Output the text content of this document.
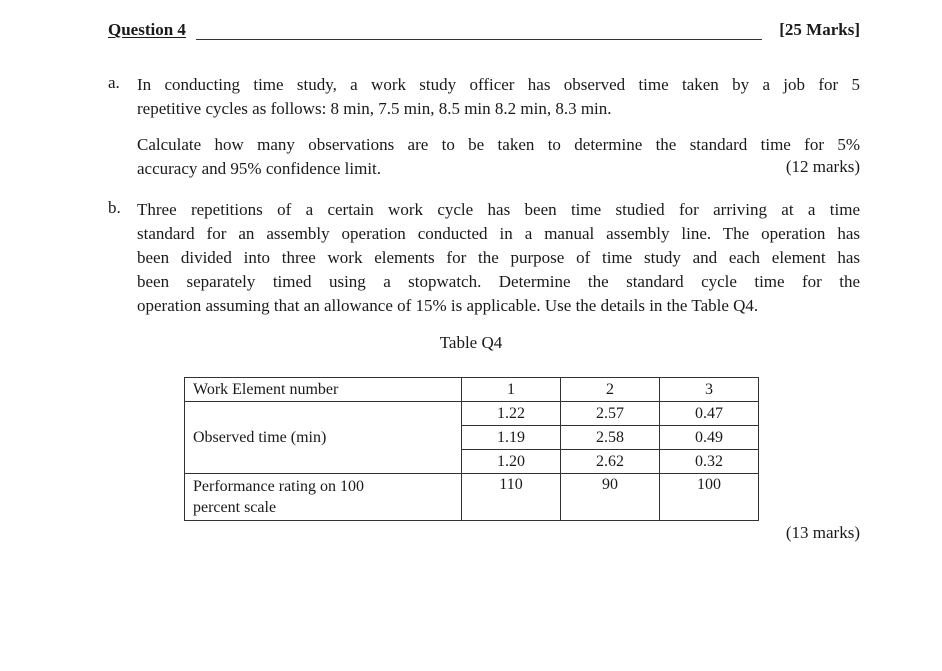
Question 4	[25 Marks]
a. In conducting time study, a work study officer has observed time taken by a job for 5
repetitive cycles as follows: 8 min, 7.5 min, 8.5 min 8.2 min, 8.3 min.
Calculate how many observations are to be taken to determine the standard time for 5%
accuracy and 95% confidence limit.	(12 marks)
b. Three repetitions of a certain work cycle has been time studied for arriving at a time
standard for an assembly operation conducted in a manual assembly line. The operation has
been divided into three work elements for the purpose of time study and each element has
been separately timed using a stopwatch. Determine the standard cycle time for the
operation assuming that an allowance of 15% is applicable. Use the details in the Table Q4.
Table Q4
Work Element number	1	2	3
Observed time (min)	1.22	2.57	0.47
	1.19	2.58	0.49
	1.20	2.62	0.32

Performance rating on 100
percent scale	110	90	100
(13 marks)
